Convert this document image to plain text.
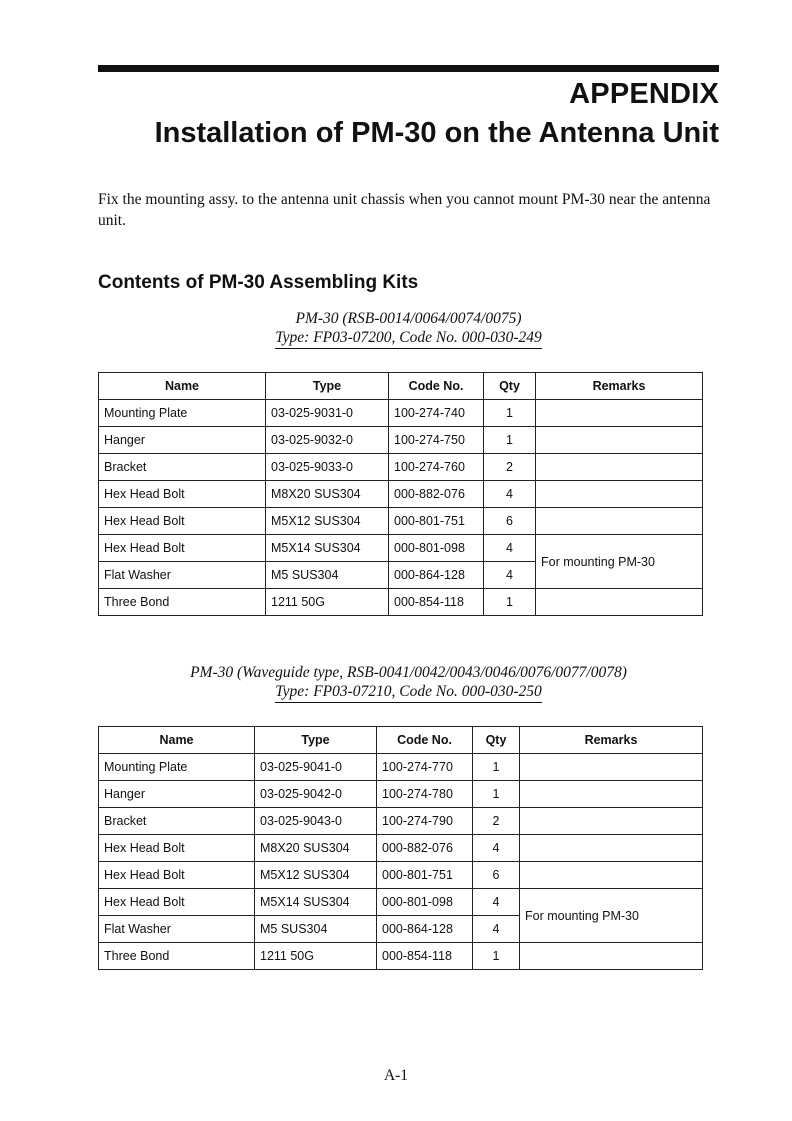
APPENDIX
Installation of PM-30 on the Antenna Unit

Fix the mounting assy. to the antenna unit chassis when you cannot mount PM-30 near the antenna unit.

Contents of PM-30 Assembling Kits
PM-30 (RSB-0014/0064/0074/0075)
Type: FP03-07200, Code No. 000-030-249
Name	Type	Code No.	Qty	Remarks
Mounting Plate	03-025-9031-0	100-274-740	1	
Hanger	03-025-9032-0	100-274-750	1	
Bracket	03-025-9033-0	100-274-760	2	
Hex Head Bolt	M8X20 SUS304	000-882-076	4	
Hex Head Bolt	M5X12 SUS304	000-801-751	6	
Hex Head Bolt	M5X14 SUS304	000-801-098	4	For mounting PM-30
Flat Washer	M5 SUS304	000-864-128	4	
Three Bond	1211 50G	000-854-118	1	
PM-30 (Waveguide type, RSB-0041/0042/0043/0046/0076/0077/0078)
Type: FP03-07210, Code No. 000-030-250
Name	Type	Code No.	Qty	Remarks
Mounting Plate	03-025-9041-0	100-274-770	1	
Hanger	03-025-9042-0	100-274-780	1	
Bracket	03-025-9043-0	100-274-790	2	
Hex Head Bolt	M8X20 SUS304	000-882-076	4	
Hex Head Bolt	M5X12 SUS304	000-801-751	6	
Hex Head Bolt	M5X14 SUS304	000-801-098	4	For mounting PM-30
Flat Washer	M5 SUS304	000-864-128	4	
Three Bond	1211 50G	000-854-118	1	

A-1
